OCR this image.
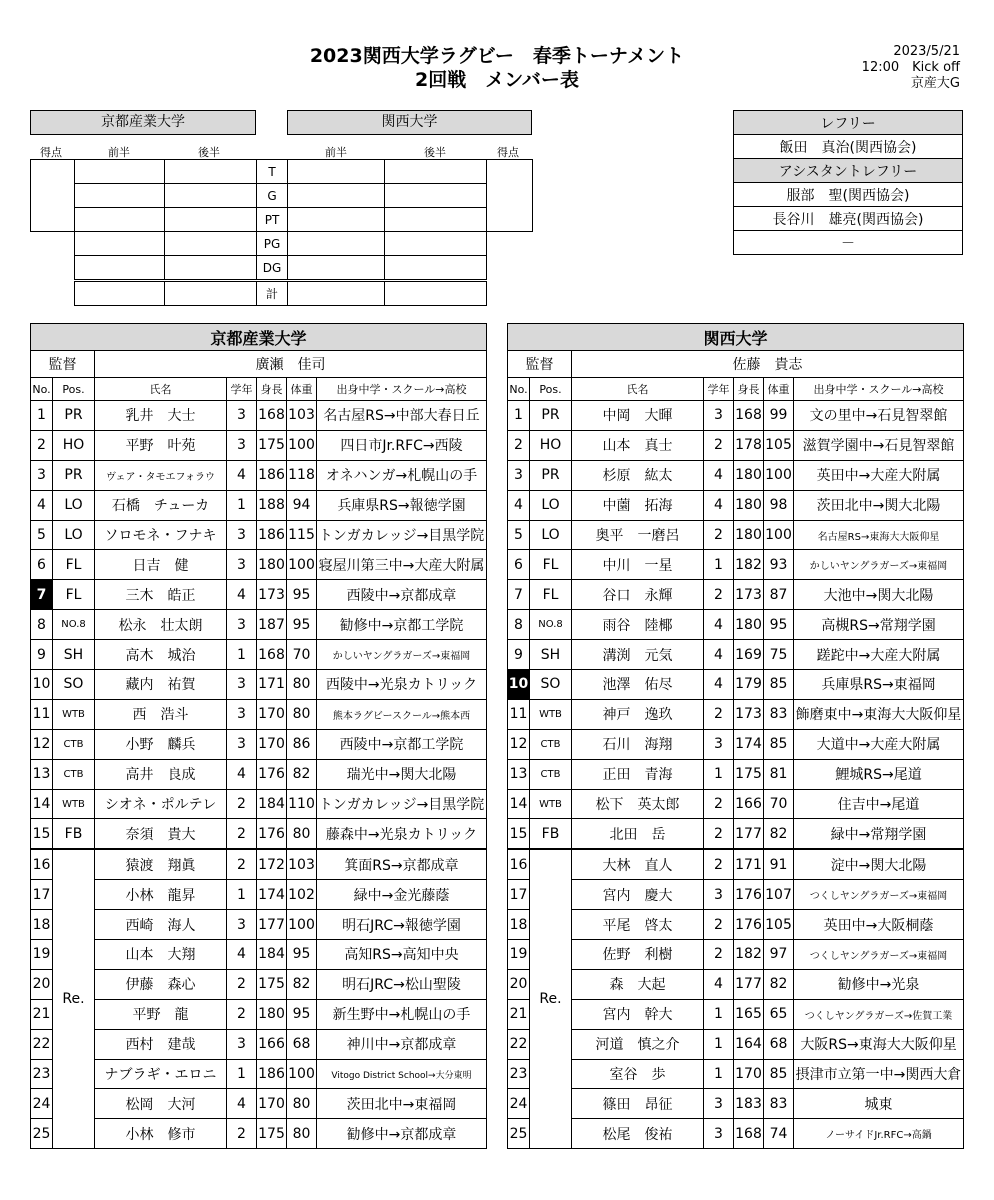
2023関西大学ラグビー　春季トーナメント
2回戦　メンバー表
2023/5/21
12:00　Kick off
京産大G
京都産業大学	関西大学
得点	前半	後半	前半	後半	得点
			T			
			G			
			PT			
			PG			
			DG			
			計			
レフリー
飯田　真治(関西協会)
アシスタントレフリー
服部　聖(関西協会)
長谷川　雄亮(関西協会)
－
京都産業大学						
監督		廣瀬　佳司				
No.	Pos.	氏名	学年	身長	体重	出身中学・スクール→高校
1	PR	乳井　大士	3	168	103	名古屋RS→中部大春日丘
2	HO	平野　叶苑	3	175	100	四日市Jr.RFC→西陵
3	PR	ヴェア・タモエフォラウ	4	186	118	オネハンガ→札幌山の手
4	LO	石橋　チューカ	1	188	94	兵庫県RS→報徳学園
5	LO	ソロモネ・フナキ	3	186	115	トンガカレッジ→目黒学院
6	FL	日吉　健	3	180	100	寝屋川第三中→大産大附属
7	FL	三木　皓正	4	173	95	西陵中→京都成章
8	NO.8	松永　壮太朗	3	187	95	勧修中→京都工学院
9	SH	高木　城治	1	168	70	かしいヤングラガーズ→東福岡
10	SO	藏内　祐賀	3	171	80	西陵中→光泉カトリック
11	WTB	西　浩斗	3	170	80	熊本ラグビースクール→熊本西
12	CTB	小野　麟兵	3	170	86	西陵中→京都工学院
13	CTB	高井　良成	4	176	82	瑞光中→関大北陽
14	WTB	シオネ・ポルテレ	2	184	110	トンガカレッジ→目黒学院
15	FB	奈須　貴大	2	176	80	藤森中→光泉カトリック
16	Re.	猿渡　翔眞	2	172	103	箕面RS→京都成章
17		小林　龍昇	1	174	102	緑中→金光藤蔭
18		西崎　海人	3	177	100	明石JRC→報徳学園
19		山本　大翔	4	184	95	高知RS→高知中央
20		伊藤　森心	2	175	82	明石JRC→松山聖陵
21		平野　龍	2	180	95	新生野中→札幌山の手
22		西村　建哉	3	166	68	神川中→京都成章
23		ナブラギ・エロニ	1	186	100	Vitogo District School→大分東明
24		松岡　大河	4	170	80	茨田北中→東福岡
25		小林　修市	2	175	80	勧修中→京都成章
関西大学						
監督		佐藤　貴志				
No.	Pos.	氏名	学年	身長	体重	出身中学・スクール→高校
1	PR	中岡　大暉	3	168	99	文の里中→石見智翠館
2	HO	山本　真士	2	178	105	滋賀学園中→石見智翠館
3	PR	杉原　紘太	4	180	100	英田中→大産大附属
4	LO	中薗　拓海	4	180	98	茨田北中→関大北陽
5	LO	奥平　一磨呂	2	180	100	名古屋RS→東海大大阪仰星
6	FL	中川　一星	1	182	93	かしいヤングラガーズ→東福岡
7	FL	谷口　永輝	2	173	87	大池中→関大北陽
8	NO.8	雨谷　陸椰	4	180	95	高槻RS→常翔学園
9	SH	溝渕　元気	4	169	75	蹉跎中→大産大附属
10	SO	池澤　佑尽	4	179	85	兵庫県RS→東福岡
11	WTB	神戸　逸玖	2	173	83	飾磨東中→東海大大阪仰星
12	CTB	石川　海翔	3	174	85	大道中→大産大附属
13	CTB	正田　青海	1	175	81	鯉城RS→尾道
14	WTB	松下　英太郎	2	166	70	住吉中→尾道
15	FB	北田　岳	2	177	82	緑中→常翔学園
16	Re.	大林　直人	2	171	91	淀中→関大北陽
17		宮内　慶大	3	176	107	つくしヤングラガーズ→東福岡
18		平尾　啓太	2	176	105	英田中→大阪桐蔭
19		佐野　利樹	2	182	97	つくしヤングラガーズ→東福岡
20		森　大起	4	177	82	勧修中→光泉
21		宮内　幹大	1	165	65	つくしヤングラガーズ→佐賀工業
22		河道　慎之介	1	164	68	大阪RS→東海大大阪仰星
23		室谷　歩	1	170	85	摂津市立第一中→関西大倉
24		篠田　昂征	3	183	83	城東
25		松尾　俊祐	3	168	74	ノーサイドJr.RFC→高鍋
